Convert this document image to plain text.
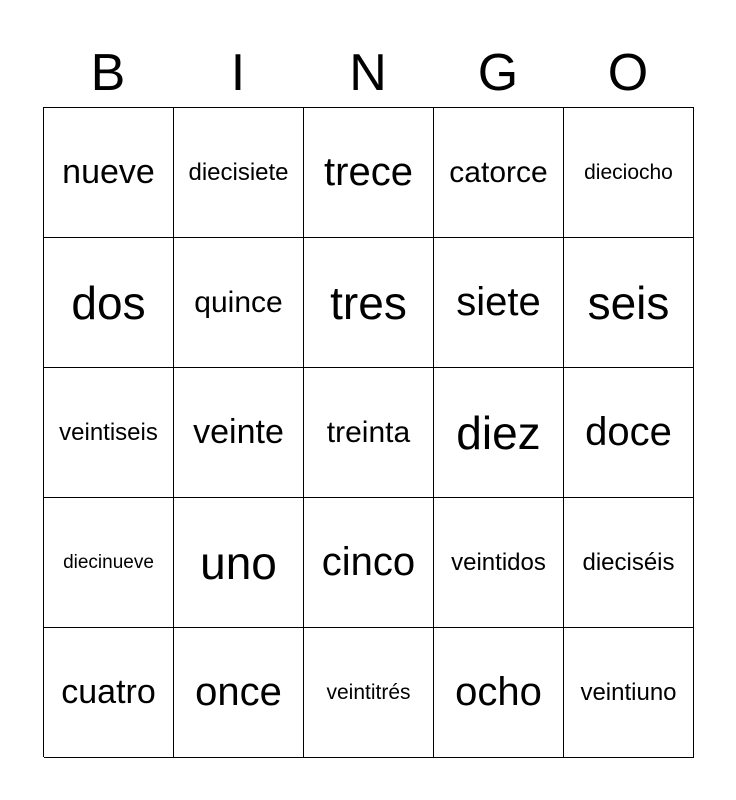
B	I	N	G	O
nueve diecisiete trece catorce dieciocho
dos quince tres siete seis
veintiseis veinte treinta diez doce
diecinueve uno cinco veintidos dieciséis
cuatro once veintitrés ocho veintiuno
